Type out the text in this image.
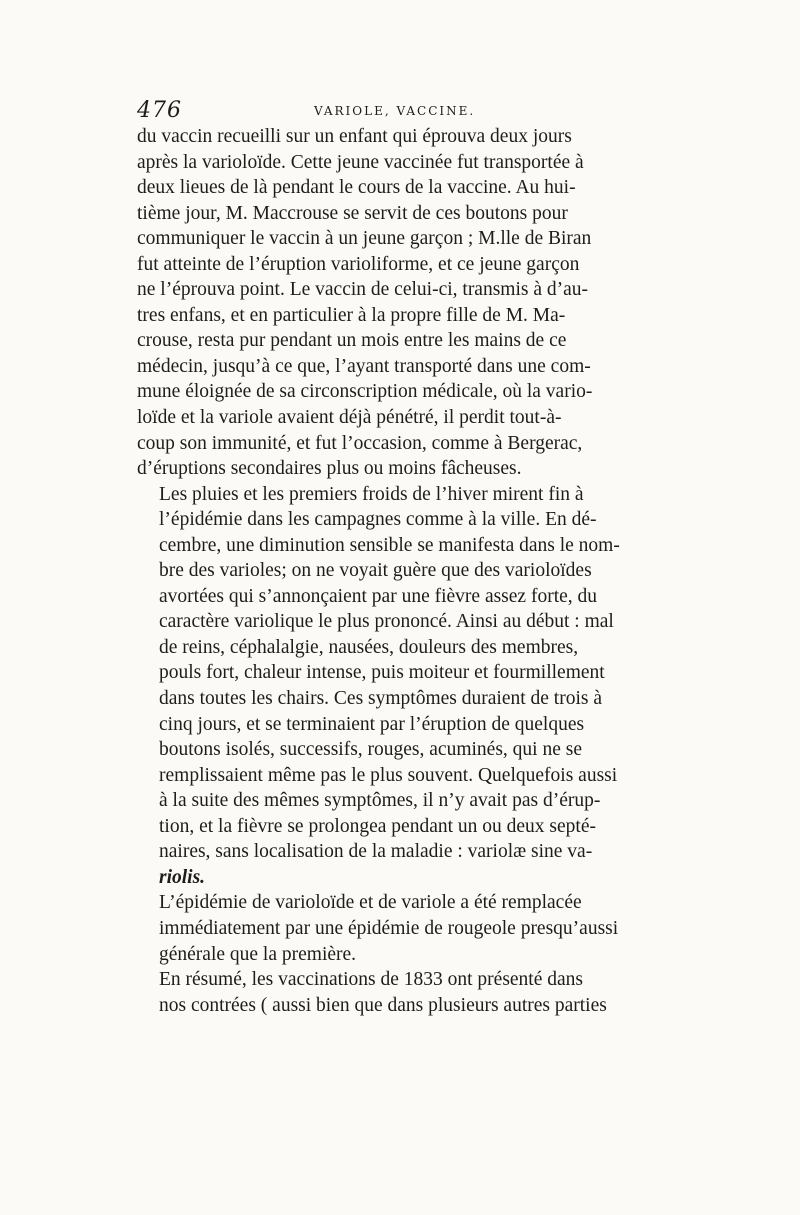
476	VARIOLE, VACCINE.

du vaccin recueilli sur un enfant qui éprouva deux jours
après la varioloïde. Cette jeune vaccinée fut transportée à
deux lieues de là pendant le cours de la vaccine. Au hui-
tième jour, M. Maccrouse se servit de ces boutons pour
communiquer le vaccin à un jeune garçon ; M.lle de Biran
fut atteinte de l’éruption varioliforme, et ce jeune garçon
ne l’éprouva point. Le vaccin de celui-ci, transmis à d’au-
tres enfans, et en particulier à la propre fille de M. Ma-
crouse, resta pur pendant un mois entre les mains de ce
médecin, jusqu’à ce que, l’ayant transporté dans une com-
mune éloignée de sa circonscription médicale, où la vario-
loïde et la variole avaient déjà pénétré, il perdit tout-à-
coup son immunité, et fut l’occasion, comme à Bergerac,
d’éruptions secondaires plus ou moins fâcheuses.

Les pluies et les premiers froids de l’hiver mirent fin à
l’épidémie dans les campagnes comme à la ville. En dé-
cembre, une diminution sensible se manifesta dans le nom-
bre des varioles; on ne voyait guère que des varioloïdes
avortées qui s’annonçaient par une fièvre assez forte, du
caractère variolique le plus prononcé. Ainsi au début : mal
de reins, céphalalgie, nausées, douleurs des membres,
pouls fort, chaleur intense, puis moiteur et fourmillement
dans toutes les chairs. Ces symptômes duraient de trois à
cinq jours, et se terminaient par l’éruption de quelques
boutons isolés, successifs, rouges, acuminés, qui ne se
remplissaient même pas le plus souvent. Quelquefois aussi
à la suite des mêmes symptômes, il n’y avait pas d’érup-
tion, et la fièvre se prolongea pendant un ou deux septé-
naires, sans localisation de la maladie : variolæ sine va-
riolis.

L’épidémie de varioloïde et de variole a été remplacée
immédiatement par une épidémie de rougeole presqu’aussi
générale que la première.

En résumé, les vaccinations de 1833 ont présenté dans
nos contrées ( aussi bien que dans plusieurs autres parties
